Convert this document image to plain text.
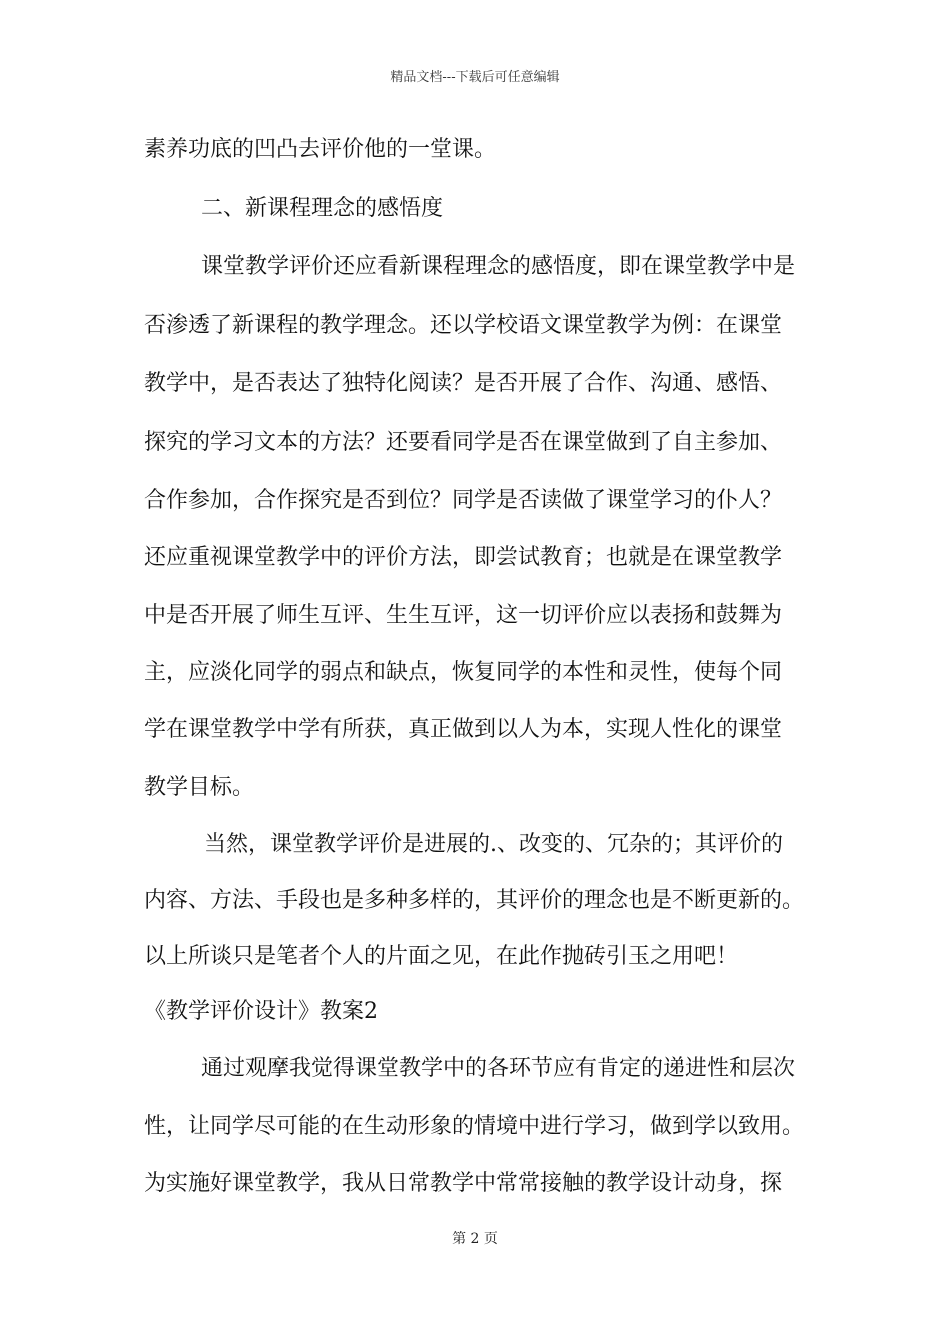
精品文档---下载后可任意编辑
素养功底的凹凸去评价他的一堂课。
二、新课程理念的感悟度
课堂教学评价还应看新课程理念的感悟度，即在课堂教学中是
否渗透了新课程的教学理念。还以学校语文课堂教学为例：在课堂
教学中，是否表达了独特化阅读？是否开展了合作、沟通、感悟、
探究的学习文本的方法？还要看同学是否在课堂做到了自主参加、
合作参加，合作探究是否到位？同学是否读做了课堂学习的仆人？
还应重视课堂教学中的评价方法，即尝试教育；也就是在课堂教学
中是否开展了师生互评、生生互评，这一切评价应以表扬和鼓舞为
主，应淡化同学的弱点和缺点，恢复同学的本性和灵性，使每个同
学在课堂教学中学有所获，真正做到以人为本，实现人性化的课堂
教学目标。
当然，课堂教学评价是进展的.、改变的、冗杂的；其评价的
内容、方法、手段也是多种多样的，其评价的理念也是不断更新的。
以上所谈只是笔者个人的片面之见，在此作抛砖引玉之用吧！
《教学评价设计》教案2
通过观摩我觉得课堂教学中的各环节应有肯定的递进性和层次
性，让同学尽可能的在生动形象的情境中进行学习，做到学以致用。
为实施好课堂教学，我从日常教学中常常接触的教学设计动身，探
第 2 页
